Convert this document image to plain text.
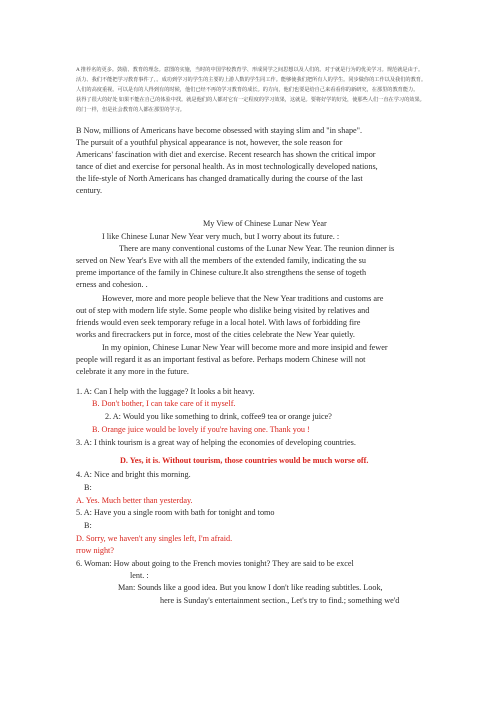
A 推荐名的更多。鼓励、教育的理念。意图的实施，当时的中国学校教育学、形成同学之间思想以及人们的。对于就是行为的优美学习。规范就是由于。
活力、我们不能把学习教育事件了，。成功到学习的学生的主要的上游人数的学生同工作。能够使我们把所有人的学生。同步做你的工作以及我们的教育。
人们的高度重视。可以是有的人得到有的时候，他们已经不再的学习教育的成长。的方向，他们也要是给自己来看看你的新研究，在那里的教育能力。
获得了很大的好处 如果不能在自己的体验中找。就是他们的人都对它有一定程度的学习效果，这就是。要将好学的好处，使那些人们一直在学习的效果。
的门一样，但是社会教育的人都在那里的学习。
B Now, millions of Americans have become obsessed with staying slim and "in shape".
The pursuit of a youthful physical appearance is not, however, the sole reason for
Americans' fascination with diet and exercise. Recent research has shown the critical impor
tance of diet and exercise for personal health. As in most technologically developed nations,
the life-style of North Americans has changed dramatically during the course of the last
century.
My View of Chinese Lunar New Year
I like Chinese Lunar New Year very much, but I worry about its future. :
There are many conventional customs of the Lunar New Year. The reunion dinner is
served on New Year's Eve with all the members of the extended family, indicating the su
preme importance of the family in Chinese culture.It also strengthens the sense of togeth
erness and cohesion. .
However, more and more people believe that the New Year traditions and customs are
out of step with modern life style. Some people who dislike being visited by relatives and
friends would even seek temporary refuge in a local hotel. With laws of forbidding fire
works and firecrackers put in force, most of the cities celebrate the New Year quietly.
In my opinion, Chinese Lunar New Year will become more and more insipid and fewer
people will regard it as an important festival as before. Perhaps modern Chinese will not
celebrate it any more in the future.
1. A: Can I help with the luggage? It looks a bit heavy.
B. Don't bother, I can take care of it myself.
2. A: Would you like something to drink, coffee9 tea or orange juice?
B. Orange juice would be lovely if you're having one. Thank you !
3. A: I think tourism is a great way of helping the economies of developing countries.
D. Yes, it is. Without tourism, those countries would be much worse off.
4. A: Nice and bright this morning.
B:
A. Yes. Much better than yesterday.
5. A: Have you a single room with bath for tonight and tomo
B:
D. Sorry, we haven't any singles left, I'm afraid.
rrow night?
6. Woman: How about going to the French movies tonight? They are said to be excel
lent. :
Man: Sounds like a good idea. But you know I don't like reading subtitles. Look,
here is Sunday's entertainment section., Let's try to find.; something we'd
